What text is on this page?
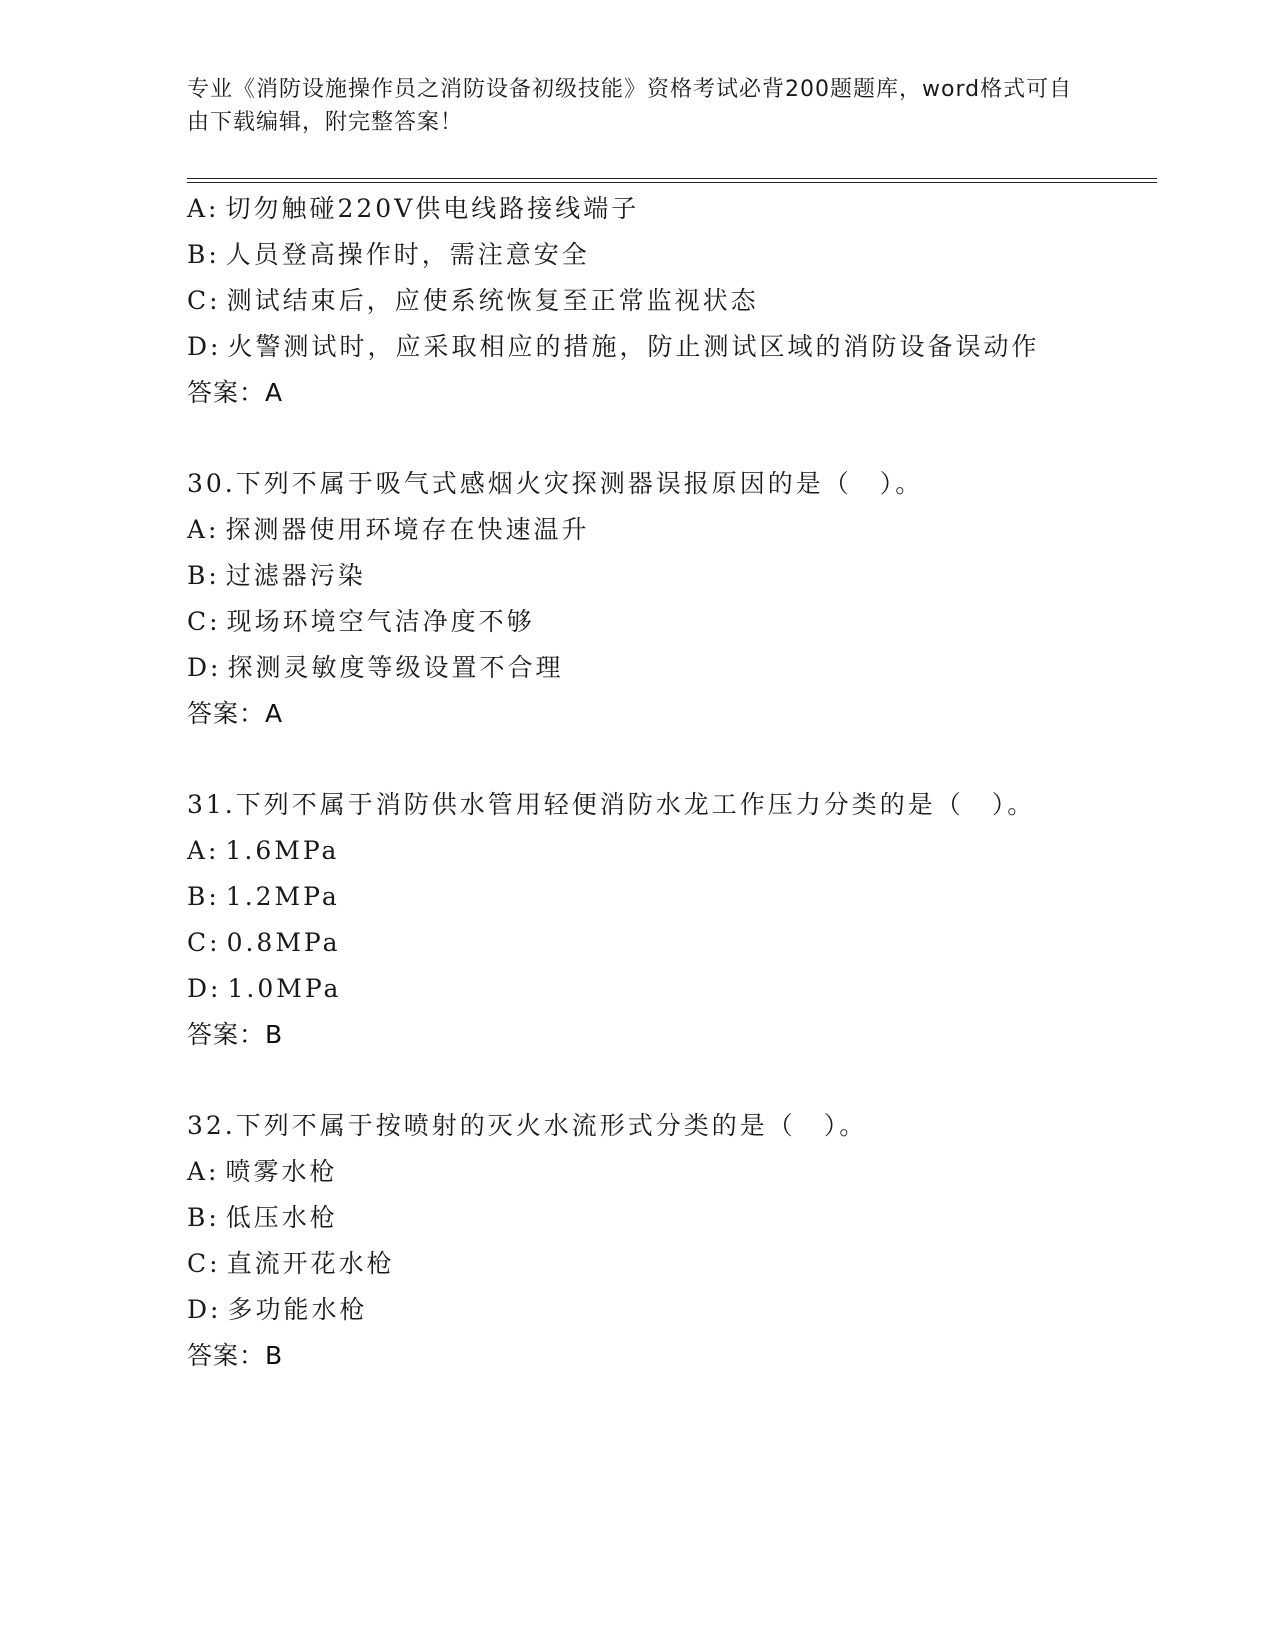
专业《消防设施操作员之消防设备初级技能》资格考试必背200题题库，word格式可自由下载编辑，附完整答案！
A: 切勿触碰220V供电线路接线端子
B: 人员登高操作时，需注意安全
C: 测试结束后，应使系统恢复至正常监视状态
D: 火警测试时，应采取相应的措施，防止测试区域的消防设备误动作
答案：A
30.下列不属于吸气式感烟火灾探测器误报原因的是（　）。
A: 探测器使用环境存在快速温升
B: 过滤器污染
C: 现场环境空气洁净度不够
D: 探测灵敏度等级设置不合理
答案：A
31.下列不属于消防供水管用轻便消防水龙工作压力分类的是（　）。
A: 1.6MPa
B: 1.2MPa
C: 0.8MPa
D: 1.0MPa
答案：B
32.下列不属于按喷射的灭火水流形式分类的是（　）。
A: 喷雾水枪
B: 低压水枪
C: 直流开花水枪
D: 多功能水枪
答案：B
